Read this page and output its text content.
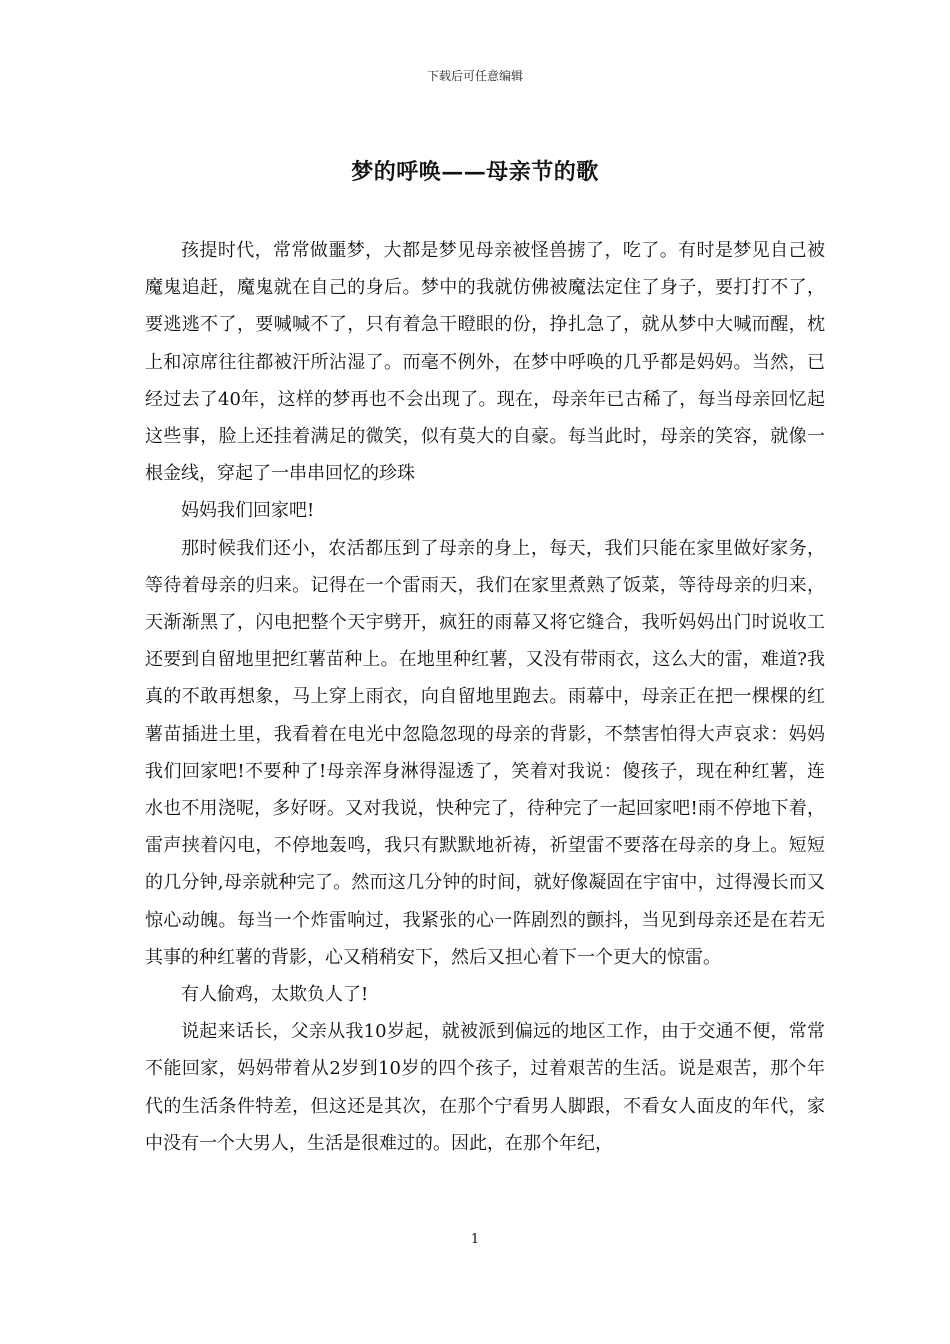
下载后可任意编辑
梦的呼唤——母亲节的歌

孩提时代，常常做噩梦，大都是梦见母亲被怪兽掳了，吃了。有时是梦见自己被魔鬼追赶，魔鬼就在自己的身后。梦中的我就仿佛被魔法定住了身子，要打打不了，要逃逃不了，要喊喊不了，只有着急干瞪眼的份，挣扎急了，就从梦中大喊而醒，枕上和凉席往往都被汗所沾湿了。而毫不例外，在梦中呼唤的几乎都是妈妈。当然，已经过去了40年，这样的梦再也不会出现了。现在，母亲年已古稀了，每当母亲回忆起这些事，脸上还挂着满足的微笑，似有莫大的自豪。每当此时，母亲的笑容，就像一根金线，穿起了一串串回忆的珍珠

妈妈我们回家吧!

那时候我们还小，农活都压到了母亲的身上，每天，我们只能在家里做好家务，等待着母亲的归来。记得在一个雷雨天，我们在家里煮熟了饭菜，等待母亲的归来，天渐渐黑了，闪电把整个天宇劈开，疯狂的雨幕又将它缝合，我听妈妈出门时说收工还要到自留地里把红薯苗种上。在地里种红薯，又没有带雨衣，这么大的雷，难道?我真的不敢再想象，马上穿上雨衣，向自留地里跑去。雨幕中，母亲正在把一棵棵的红薯苗插进土里，我看着在电光中忽隐忽现的母亲的背影，不禁害怕得大声哀求：妈妈我们回家吧!不要种了!母亲浑身淋得湿透了，笑着对我说：傻孩子，现在种红薯，连水也不用浇呢，多好呀。又对我说，快种完了，待种完了一起回家吧!雨不停地下着，雷声挟着闪电，不停地轰鸣，我只有默默地祈祷，祈望雷不要落在母亲的身上。短短的几分钟,母亲就种完了。然而这几分钟的时间，就好像凝固在宇宙中，过得漫长而又惊心动魄。每当一个炸雷响过，我紧张的心一阵剧烈的颤抖，当见到母亲还是在若无其事的种红薯的背影，心又稍稍安下，然后又担心着下一个更大的惊雷。

有人偷鸡，太欺负人了!

说起来话长，父亲从我10岁起，就被派到偏远的地区工作，由于交通不便，常常不能回家，妈妈带着从2岁到10岁的四个孩子，过着艰苦的生活。说是艰苦，那个年代的生活条件特差，但这还是其次，在那个宁看男人脚跟，不看女人面皮的年代，家中没有一个大男人，生活是很难过的。因此，在那个年纪，

1
